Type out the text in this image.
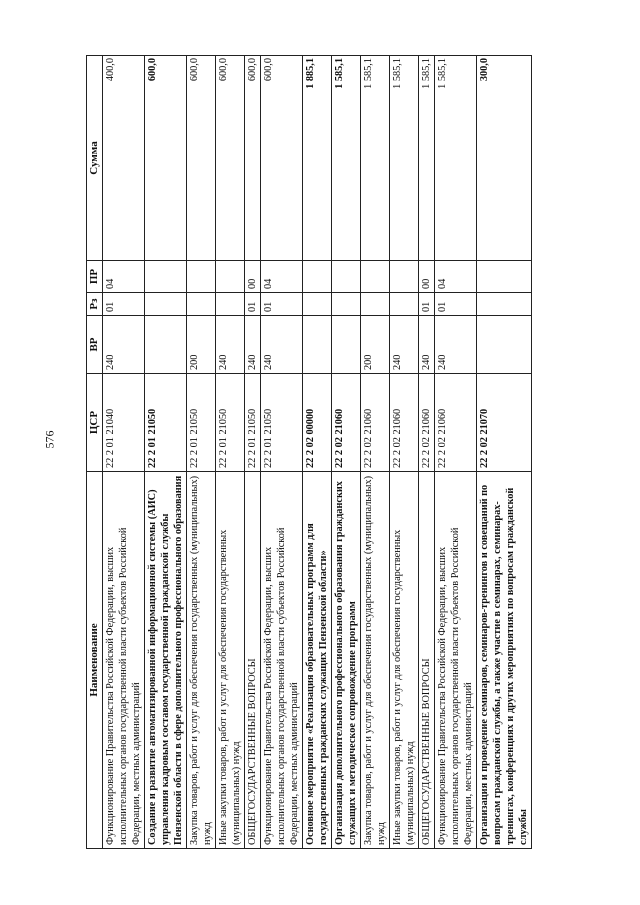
576
Наименование	ЦСР	ВР	Рз	ПР	Сумма
Функционирование Правительства Российской Федерации, высших исполнительных органов государственной власти субъектов Российской Федерации, местных администраций	22 2 01 21040	240	01	04	400,0
Создание и развитие автоматизированной информационной системы (АИС) управления кадровым составом государственной гражданской службы Пензенской области в сфере дополнительного профессионального образования	22 2 01 21050				600,0
Закупка товаров, работ и услуг для обеспечения государственных (муниципальных) нужд	22 2 01 21050	200			600,0
Иные закупки товаров, работ и услуг для обеспечения государственных (муниципальных) нужд	22 2 01 21050	240			600,0
ОБЩЕГОСУДАРСТВЕННЫЕ ВОПРОСЫ	22 2 01 21050	240	01	00	600,0
Функционирование Правительства Российской Федерации, высших исполнительных органов государственной власти субъектов Российской Федерации, местных администраций	22 2 01 21050	240	01	04	600,0
Основное мероприятие «Реализация образовательных программ для государственных гражданских служащих Пензенской области»	22 2 02 00000				1 885,1
Организация дополнительного профессионального образования гражданских служащих и методическое сопровождение программ	22 2 02 21060				1 585,1
Закупка товаров, работ и услуг для обеспечения государственных (муниципальных) нужд	22 2 02 21060	200			1 585,1
Иные закупки товаров, работ и услуг для обеспечения государственных (муниципальных) нужд	22 2 02 21060	240			1 585,1
ОБЩЕГОСУДАРСТВЕННЫЕ ВОПРОСЫ	22 2 02 21060	240	01	00	1 585,1
Функционирование Правительства Российской Федерации, высших исполнительных органов государственной власти субъектов Российской Федерации, местных администраций	22 2 02 21060	240	01	04	1 585,1
Организация и проведение семинаров, семинаров-тренингов и совещаний по вопросам гражданской службы, а также участие в семинарах, семинарах-тренингах, конференциях и других мероприятиях по вопросам гражданской службы	22 2 02 21070				300,0
